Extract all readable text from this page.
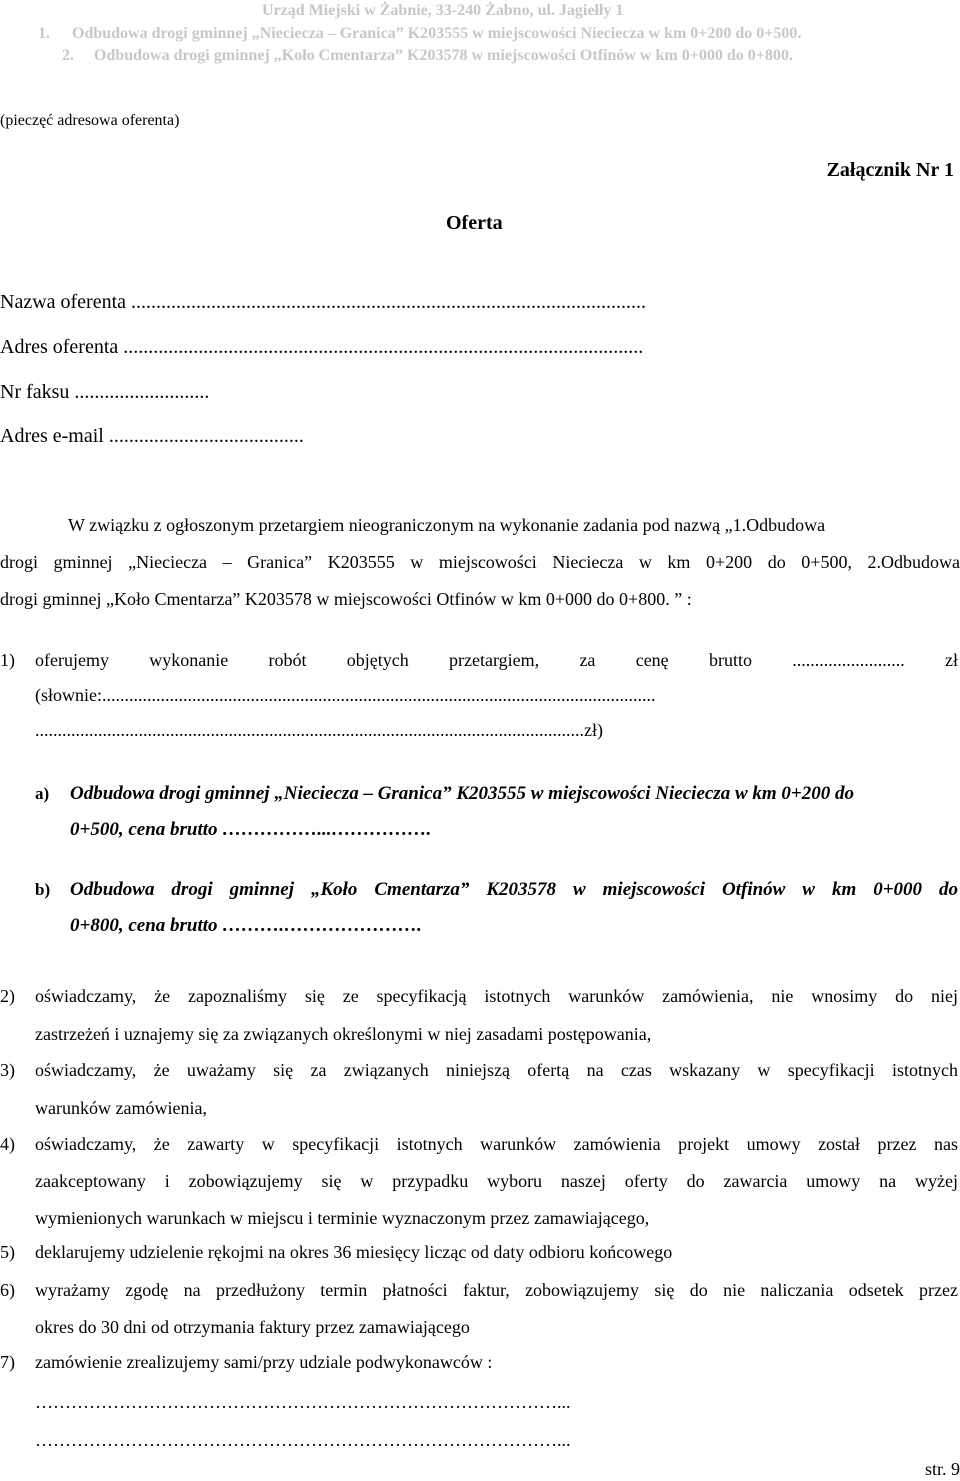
Urząd Miejski w Żabnie, 33-240 Żabno, ul. Jagiełły 1
1. Odbudowa drogi gminnej „Nieciecza – Granica” K203555 w miejscowości Nieciecza w km 0+200 do 0+500.
2. Odbudowa drogi gminnej „Koło Cmentarza” K203578 w miejscowości Otfinów w km 0+000 do 0+800.
(pieczęć adresowa oferenta)
Załącznik Nr 1
Oferta
Nazwa oferenta .......................................................................................................
Adres oferenta ........................................................................................................
Nr faksu ...........................
Adres e-mail .......................................
W związku z ogłoszonym przetargiem nieograniczonym na wykonanie zadania pod nazwą „1.Odbudowa
drogi gminnej „Nieciecza – Granica” K203555 w miejscowości Nieciecza w km 0+200 do 0+500, 2.Odbudowa
drogi gminnej „Koło Cmentarza” K203578 w miejscowości Otfinów w km 0+000 do 0+800. ” :
1) oferujemy wykonanie robót objętych przetargiem, za cenę brutto ......................... zł
(słownie:...........................................................................................................................
..........................................................................................................................zł)
a) Odbudowa drogi gminnej „Nieciecza – Granica” K203555 w miejscowości Nieciecza w km 0+200 do
0+500, cena brutto ……………...…………….
b) Odbudowa drogi gminnej „Koło Cmentarza” K203578 w miejscowości Otfinów w km 0+000 do
0+800, cena brutto ……….………………….
2) oświadczamy, że zapoznaliśmy się ze specyfikacją istotnych warunków zamówienia, nie wnosimy do niej
zastrzeżeń i uznajemy się za związanych określonymi w niej zasadami postępowania,
3) oświadczamy, że uważamy się za związanych niniejszą ofertą na czas wskazany w specyfikacji istotnych
warunków zamówienia,
4) oświadczamy, że zawarty w specyfikacji istotnych warunków zamówienia projekt umowy został przez nas
zaakceptowany i zobowiązujemy się w przypadku wyboru naszej oferty do zawarcia umowy na wyżej
wymienionych warunkach w miejscu i terminie wyznaczonym przez zamawiającego,
5) deklarujemy udzielenie rękojmi na okres 36 miesięcy licząc od daty odbioru końcowego
6) wyrażamy zgodę na przedłużony termin płatności faktur, zobowiązujemy się do nie naliczania odsetek przez
okres do 30 dni od otrzymania faktury przez zamawiającego
7) zamówienie zrealizujemy sami/przy udziale podwykonawców :
……………………………………………………………………………...
……………………………………………………………………………...
str. 9
